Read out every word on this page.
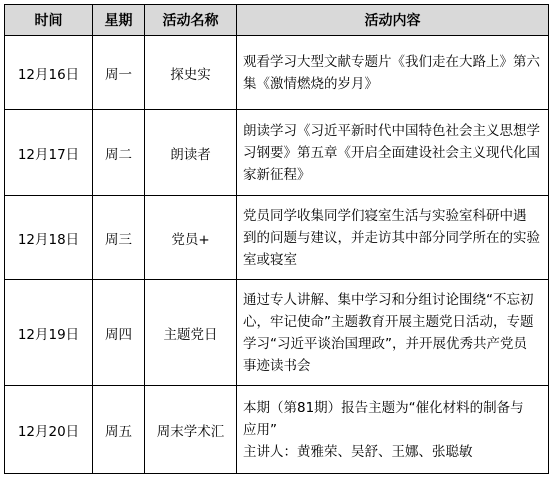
时间	星期	活动名称	活动内容
12月16日	周一	探史实	观看学习大型文献专题片《我们走在大路上》第六
集《激情燃烧的岁月》

12月17日	周二	朗读者	朗读学习《习近平新时代中国特色社会主义思想学
习钢要》第五章《开启全面建设社会主义现代化国
家新征程》

12月18日	周三	党员+	党员同学收集同学们寝室生活与实验室科研中遇
到的问题与建议，并走访其中部分同学所在的实验
室或寝室

12月19日	周四	主题党日	通过专人讲解、集中学习和分组讨论围绕“不忘初
心，牢记使命”主题教育开展主题党日活动，专题
学习“习近平谈治国理政”，并开展优秀共产党员
事迹读书会

12月20日	周五	周末学术汇	本期（第81期）报告主题为“催化材料的制备与
应用”
主讲人：黄雅荣、吴舒、王娜、张聪敏
